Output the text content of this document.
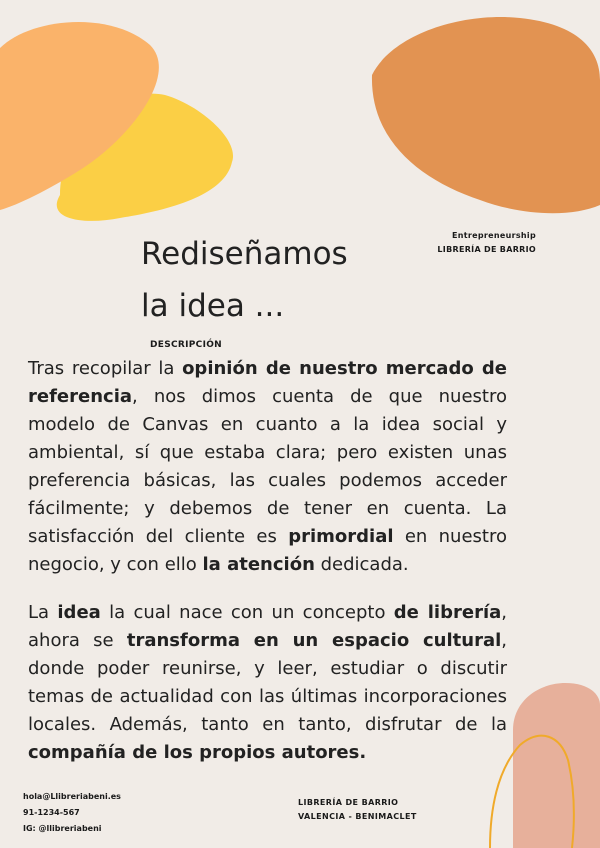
Entrepreneurship
LIBRERÍA DE BARRIO
Rediseñamos
la idea ...
DESCRIPCIÓN

Tras recopilar la opinión de nuestro mercado de referencia, nos dimos cuenta de que nuestro modelo de Canvas en cuanto a la idea social y ambiental, sí que estaba clara; pero existen unas preferencia básicas, las cuales podemos acceder fácilmente; y debemos de tener en cuenta. La satisfacción del cliente es primordial en nuestro negocio, y con ello la atención dedicada.

La idea la cual nace con un concepto de librería, ahora se transforma en un espacio cultural, donde poder reunirse, y leer, estudiar o discutir temas de actualidad con las últimas incorporaciones locales. Además, tanto en tanto, disfrutar de la compañía de los propios autores.

hola@Llibreriabeni.es
91-1234-567
IG: @llibreriabeni
LIBRERÍA DE BARRIO
VALENCIA - BENIMACLET
